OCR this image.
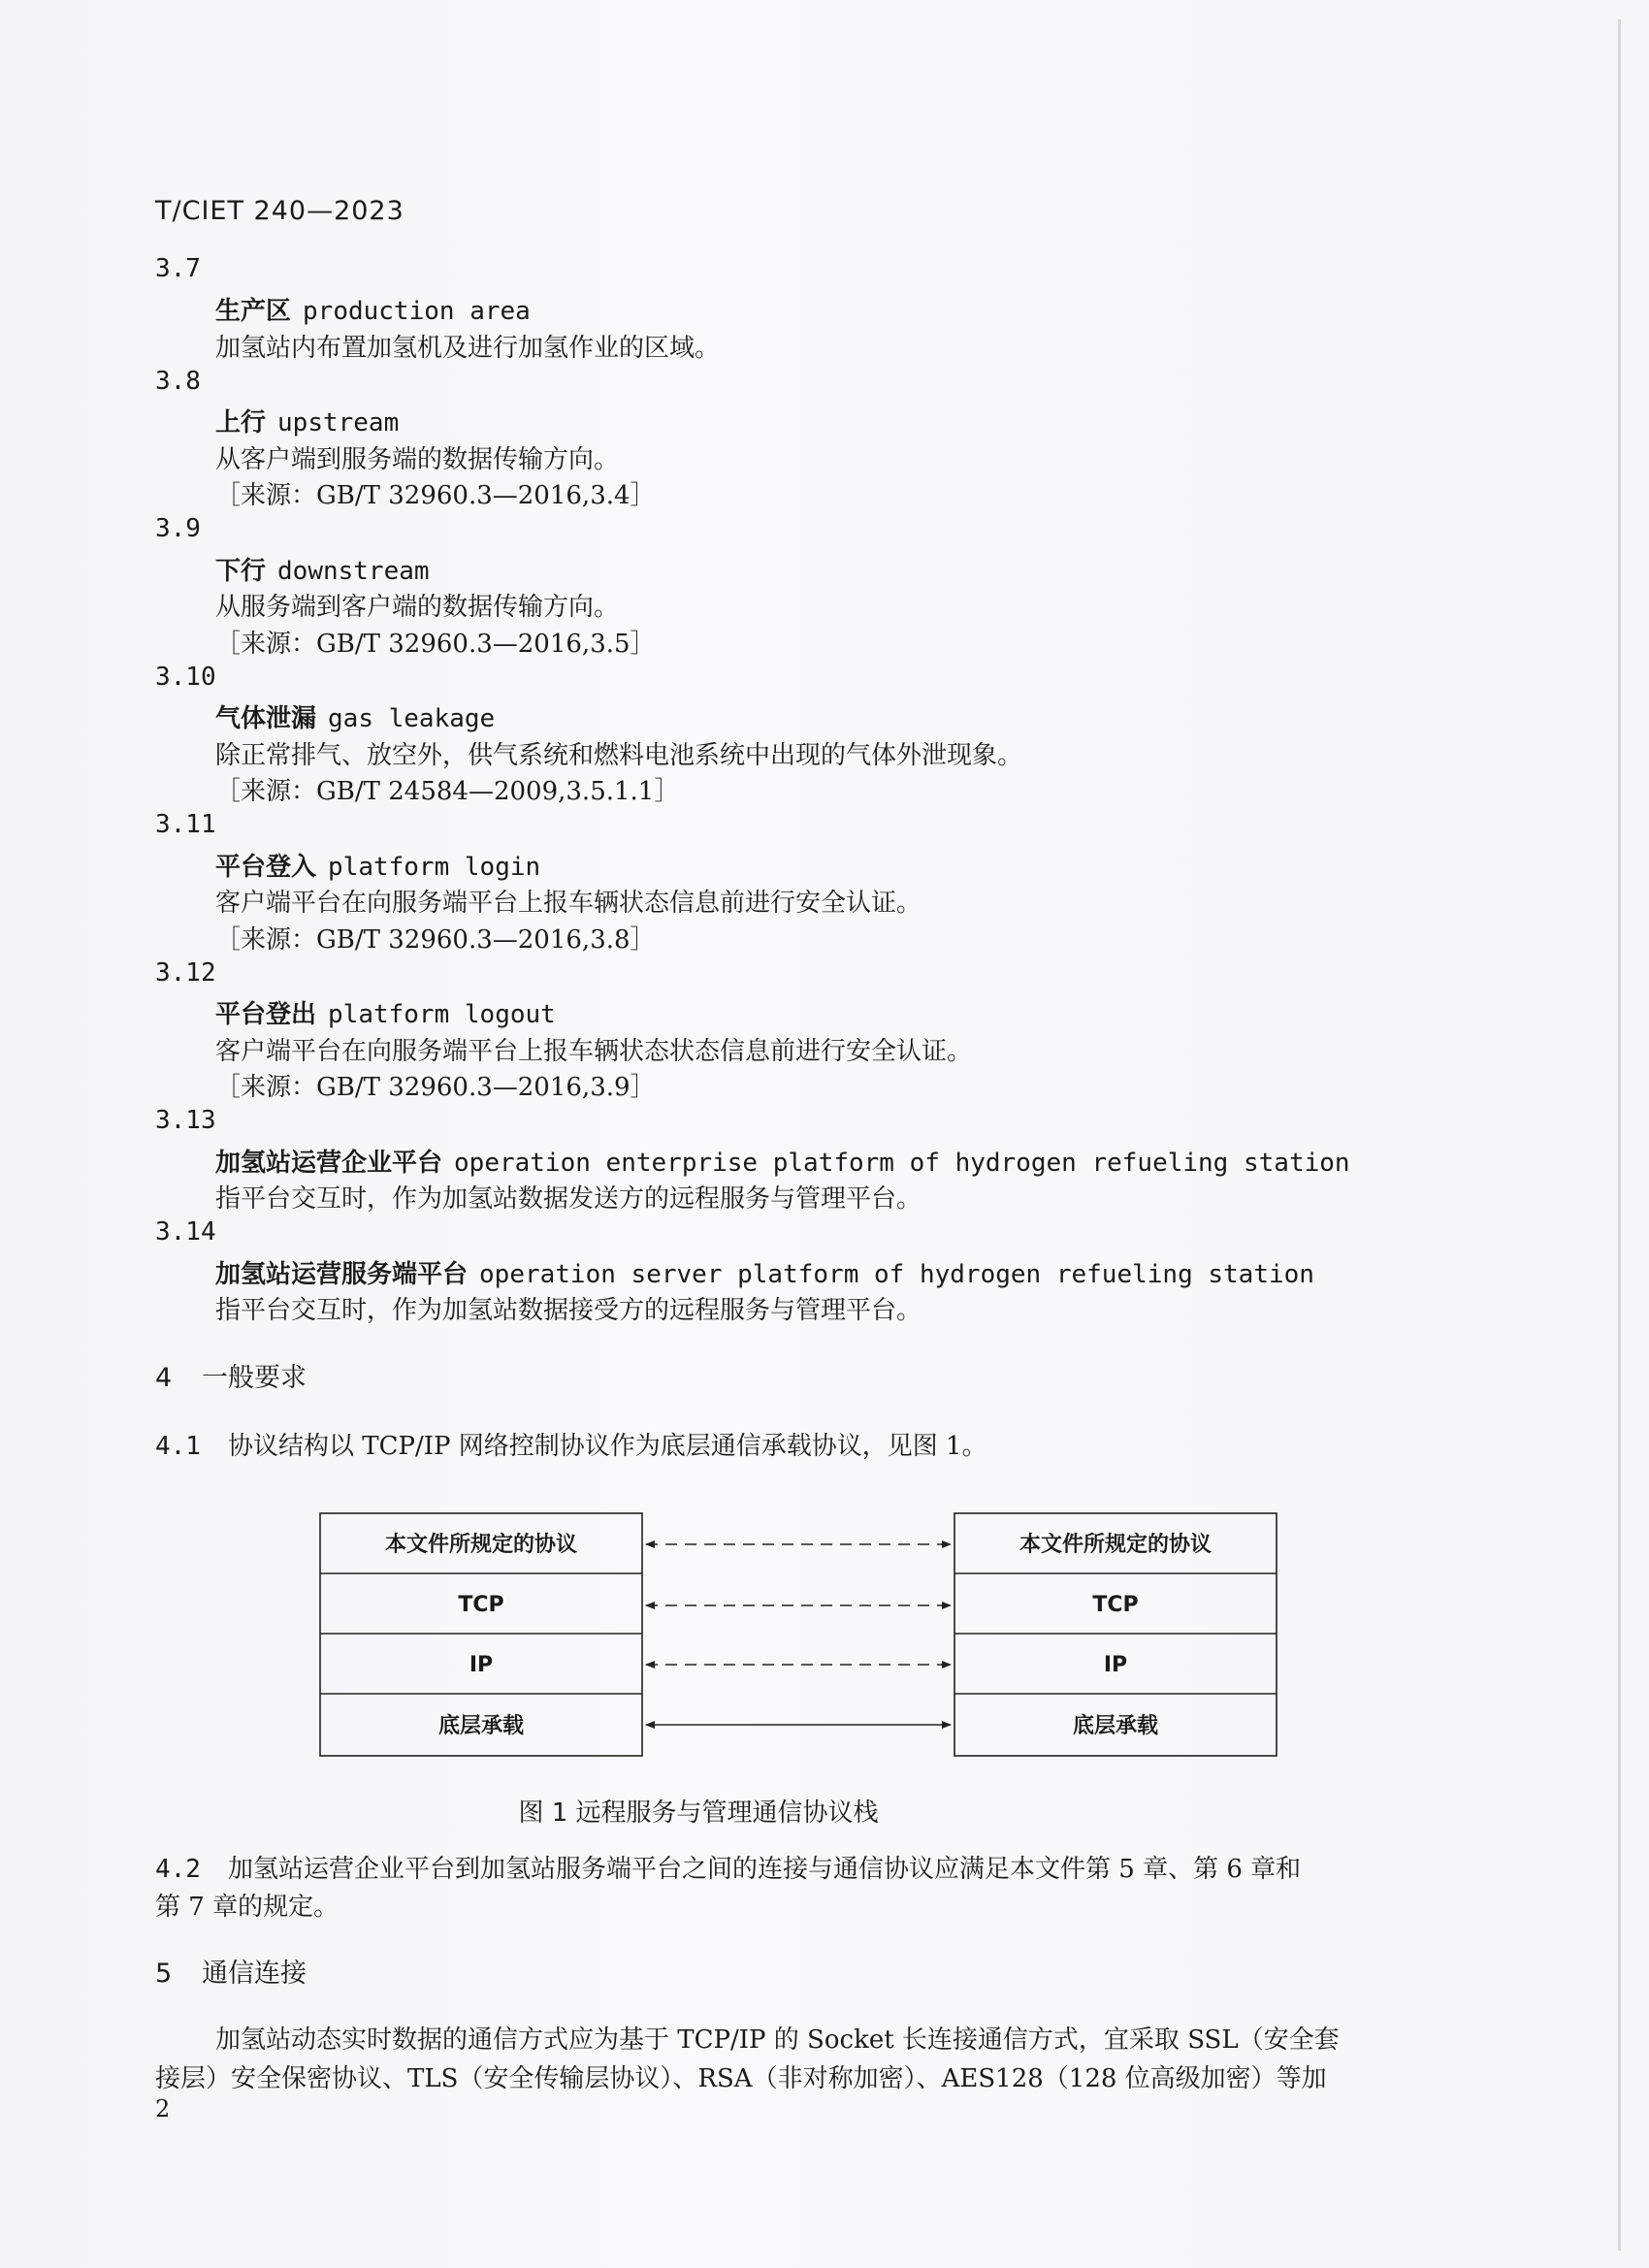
T/CIET 240—2023
3.7
生产区 production area
加氢站内布置加氢机及进行加氢作业的区域。
3.8
上行 upstream
从客户端到服务端的数据传输方向。
［来源：GB/T 32960.3—2016,3.4］
3.9
下行 downstream
从服务端到客户端的数据传输方向。
［来源：GB/T 32960.3—2016,3.5］
3.10
气体泄漏 gas leakage
除正常排气、放空外，供气系统和燃料电池系统中出现的气体外泄现象。
［来源：GB/T 24584—2009,3.5.1.1］
3.11
平台登入 platform login
客户端平台在向服务端平台上报车辆状态信息前进行安全认证。
［来源：GB/T 32960.3—2016,3.8］
3.12
平台登出 platform logout
客户端平台在向服务端平台上报车辆状态状态信息前进行安全认证。
［来源：GB/T 32960.3—2016,3.9］
3.13
加氢站运营企业平台 operation enterprise platform of hydrogen refueling station
指平台交互时，作为加氢站数据发送方的远程服务与管理平台。
3.14
加氢站运营服务端平台 operation server platform of hydrogen refueling station
指平台交互时，作为加氢站数据接受方的远程服务与管理平台。
4 一般要求
4.1 协议结构以 TCP/IP 网络控制协议作为底层通信承载协议，见图 1。
本文件所规定的协议
TCP
IP
底层承载
本文件所规定的协议
TCP
IP
底层承载
图 1 远程服务与管理通信协议栈
4.2 加氢站运营企业平台到加氢站服务端平台之间的连接与通信协议应满足本文件第 5 章、第 6 章和
第 7 章的规定。
5 通信连接
加氢站动态实时数据的通信方式应为基于 TCP/IP 的 Socket 长连接通信方式，宜采取 SSL（安全套
接层）安全保密协议、TLS（安全传输层协议）、RSA（非对称加密）、AES128（128 位高级加密）等加
2
